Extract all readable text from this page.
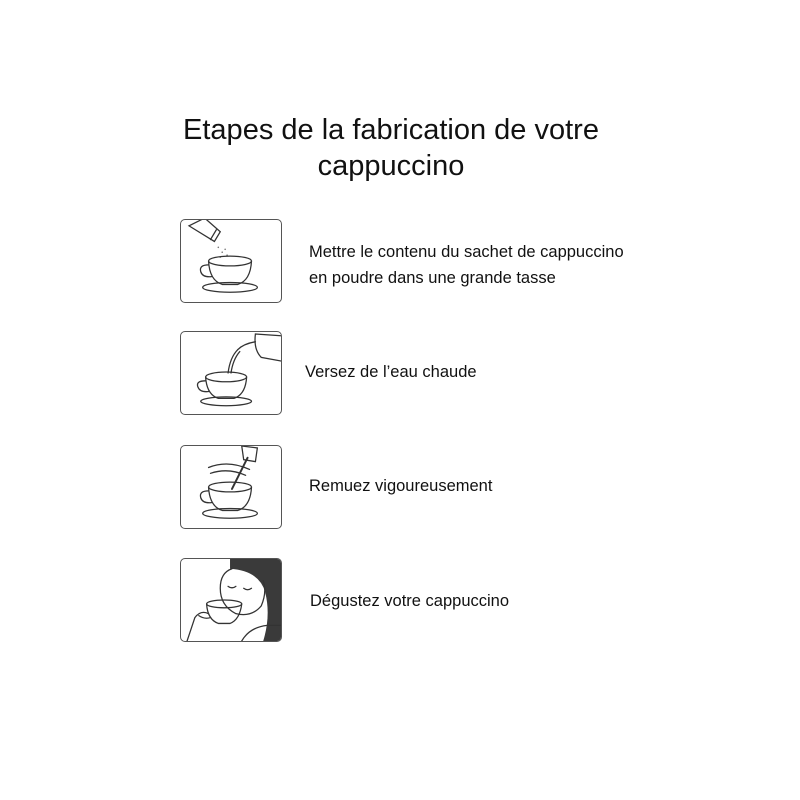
Etapes de la fabrication de votre
cappuccino
Mettre le contenu du sachet de cappuccino
en poudre dans une grande tasse
Versez de l’eau chaude
Remuez vigoureusement
Dégustez votre cappuccino
